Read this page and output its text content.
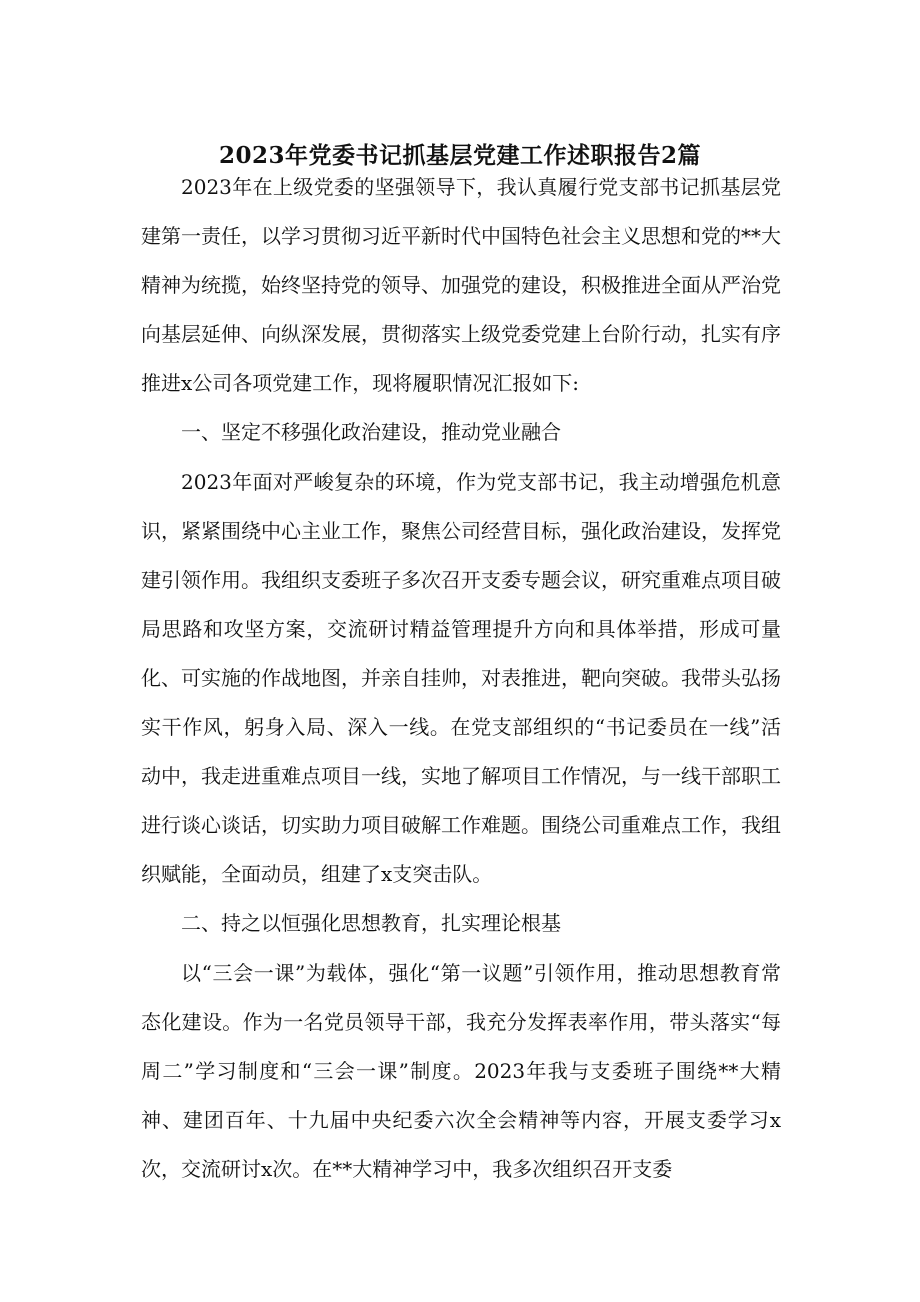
2023年党委书记抓基层党建工作述职报告2篇

2023年在上级党委的坚强领导下，我认真履行党支部书记抓基层党建第一责任，以学习贯彻习近平新时代中国特色社会主义思想和党的**大精神为统揽，始终坚持党的领导、加强党的建设，积极推进全面从严治党向基层延伸、向纵深发展，贯彻落实上级党委党建上台阶行动，扎实有序推进x公司各项党建工作，现将履职情况汇报如下:

一、坚定不移强化政治建设，推动党业融合

2023年面对严峻复杂的环境，作为党支部书记，我主动增强危机意识，紧紧围绕中心主业工作，聚焦公司经营目标，强化政治建设，发挥党建引领作用。我组织支委班子多次召开支委专题会议，研究重难点项目破局思路和攻坚方案，交流研讨精益管理提升方向和具体举措，形成可量化、可实施的作战地图，并亲自挂帅，对表推进，靶向突破。我带头弘扬实干作风，躬身入局、深入一线。在党支部组织的“书记委员在一线”活动中，我走进重难点项目一线，实地了解项目工作情况，与一线干部职工进行谈心谈话，切实助力项目破解工作难题。围绕公司重难点工作，我组织赋能，全面动员，组建了x支突击队。

二、持之以恒强化思想教育，扎实理论根基

以“三会一课”为载体，强化“第一议题”引领作用，推动思想教育常态化建设。作为一名党员领导干部，我充分发挥表率作用，带头落实“每周二”学习制度和“三会一课”制度。2023年我与支委班子围绕**大精神、建团百年、十九届中央纪委六次全会精神等内容，开展支委学习x次，交流研讨x次。在**大精神学习中，我多次组织召开支委
